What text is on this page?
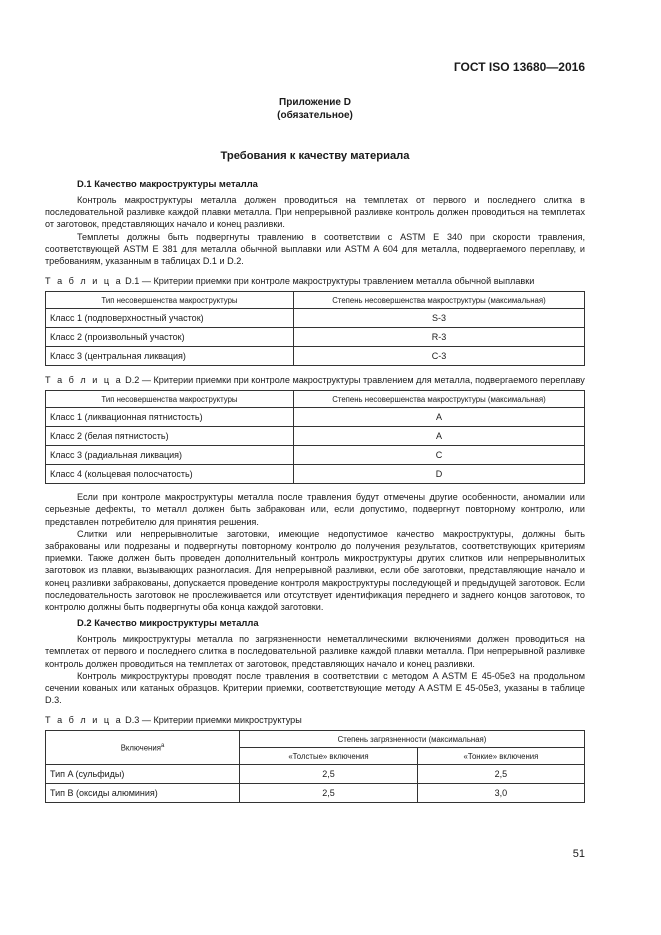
ГОСТ ISO 13680—2016
Приложение D
(обязательное)
Требования к качеству материала
D.1 Качество макроструктуры металла

Контроль макроструктуры металла должен проводиться на темплетах от первого и последнего слитка в последовательной разливке каждой плавки металла. При непрерывной разливке контроль должен проводиться на темплетах от заготовок, представляющих начало и конец разливки.

Темплеты должны быть подвергнуты травлению в соответствии с ASTM E 340 при скорости травления, соответствующей ASTM E 381 для металла обычной выплавки или ASTM A 604 для металла, подвергаемого переплаву, и требованиям, указанным в таблицах D.1 и D.2.

Т а б л и ц а D.1 — Критерии приемки при контроле макроструктуры травлением металла обычной выплавки
Тип несовершенства макроструктуры	Степень несовершенства макроструктуры (максимальная)
Класс 1 (подповерхностный участок)	S-3
Класс 2 (произвольный участок)	R-3
Класс 3 (центральная ликвация)	C-3
Т а б л и ц а D.2 — Критерии приемки при контроле макроструктуры травлением для металла, подвергаемого переплаву
Тип несовершенства макроструктуры	Степень несовершенства макроструктуры (максимальная)
Класс 1 (ликвационная пятнистость)	A
Класс 2 (белая пятнистость)	A
Класс 3 (радиальная ликвация)	C
Класс 4 (кольцевая полосчатость)	D

Если при контроле макроструктуры металла после травления будут отмечены другие особенности, аномалии или серьезные дефекты, то металл должен быть забракован или, если допустимо, подвергнут повторному контролю, или представлен потребителю для принятия решения.

Слитки или непрерывнолитые заготовки, имеющие недопустимое качество макроструктуры, должны быть забракованы или подрезаны и подвергнуты повторному контролю до получения результатов, соответствующих критериям приемки. Также должен быть проведен дополнительный контроль микроструктуры других слитков или непрерывнолитых заготовок из плавки, вызывающих разногласия. Для непрерывной разливки, если обе заготовки, представляющие начало и конец разливки забракованы, допускается проведение контроля макроструктуры последующей и предыдущей заготовок. Если последовательность заготовок не прослеживается или отсутствует идентификация переднего и заднего концов заготовок, то контролю должны быть подвергнуты оба конца каждой заготовки.

D.2 Качество микроструктуры металла

Контроль микроструктуры металла по загрязненности неметаллическими включениями должен проводиться на темплетах от первого и последнего слитка в последовательной разливке каждой плавки металла. При непрерывной разливке контроль должен проводиться на темплетах от заготовок, представляющих начало и конец разливки.

Контроль микроструктуры проводят после травления в соответствии с методом A ASTM E 45-05e3 на продольном сечении кованых или катаных образцов. Критерии приемки, соответствующие методу A ASTM E 45-05e3, указаны в таблице D.3.

Т а б л и ц а D.3 — Критерии приемки микроструктуры
Включения$^a$	Степень загрязненности (максимальная)	
	«Толстые» включения	«Тонкие» включения
Тип A (сульфиды)	2,5	2,5
Тип B (оксиды алюминия)	2,5	3,0
51
